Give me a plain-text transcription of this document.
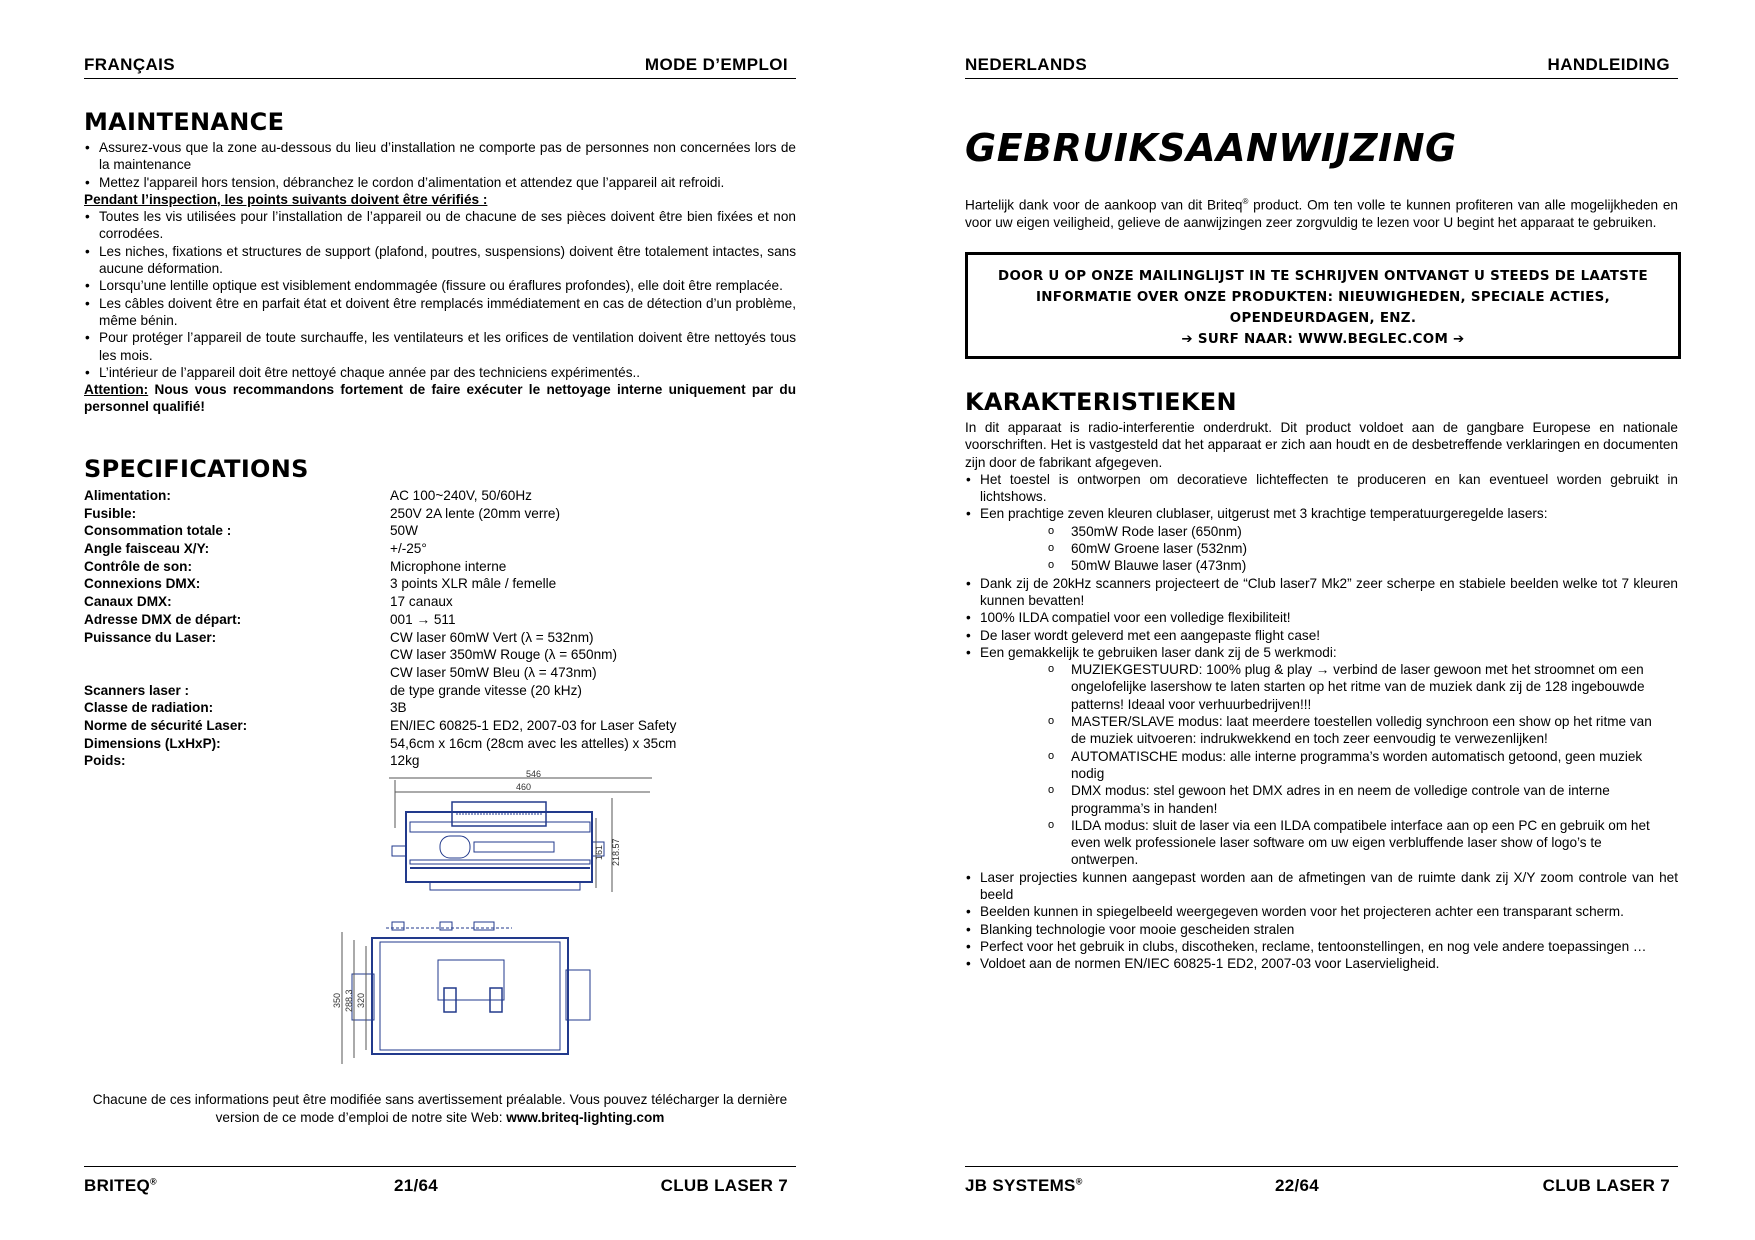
FRANÇAIS	MODE D’EMPLOI
MAINTENANCE
• Assurez-vous que la zone au-dessous du lieu d’installation ne comporte pas de personnes non concernées lors de la maintenance
• Mettez l'appareil hors tension, débranchez le cordon d’alimentation et attendez que l’appareil ait refroidi.

Pendant l’inspection, les points suivants doivent être vérifiés :

• Toutes les vis utilisées pour l’installation de l’appareil ou de chacune de ses pièces doivent être bien fixées et non corrodées.
• Les niches, fixations et structures de support (plafond, poutres, suspensions) doivent être totalement intactes, sans aucune déformation.
• Lorsqu’une lentille optique est visiblement endommagée (fissure ou éraflures profondes), elle doit être remplacée.
• Les câbles doivent être en parfait état et doivent être remplacés immédiatement en cas de détection d’un problème, même bénin.
• Pour protéger l’appareil de toute surchauffe, les ventilateurs et les orifices de ventilation doivent être nettoyés tous les mois.
• L’intérieur de l’appareil doit être nettoyé chaque année par des techniciens expérimentés..

Attention: Nous vous recommandons fortement de faire exécuter le nettoyage interne uniquement par du personnel qualifié!

SPECIFICATIONS
Alimentation:	AC 100~240V, 50/60Hz
Fusible:	250V 2A lente (20mm verre)
Consommation totale :	50W
Angle faisceau X/Y:	+/-25°
Contrôle de son:	Microphone interne
Connexions DMX:	3 points XLR mâle / femelle
Canaux DMX:	17 canaux
Adresse DMX de départ:	001 → 511
Puissance du Laser:	CW laser 60mW Vert (λ = 532nm)
CW laser 350mW Rouge (λ = 650nm)
CW laser 50mW Bleu (λ = 473nm)
Scanners laser :	de type grande vitesse (20 kHz)
Classe de radiation:	3B
Norme de sécurité Laser:	EN/IEC 60825-1 ED2, 2007-03 for Laser Safety
Dimensions (LxHxP):	54,6cm x 16cm (28cm avec les attelles) x 35cm
Poids:	12kg
546
460
161 218.57
350 288.3 320
Chacune de ces informations peut être modifiée sans avertissement préalable. Vous pouvez télécharger la dernière version de ce mode d’emploi de notre site Web: www.briteq-lighting.com
BRITEQ®	21/64	CLUB LASER 7
NEDERLANDS	HANDLEIDING
GEBRUIKSAANWIJZING

Hartelijk dank voor de aankoop van dit Briteq® product. Om ten volle te kunnen profiteren van alle mogelijkheden en voor uw eigen veiligheid, gelieve de aanwijzingen zeer zorgvuldig te lezen voor U begint het apparaat te gebruiken.

DOOR U OP ONZE MAILINGLIJST IN TE SCHRIJVEN ONTVANGT U STEEDS DE LAATSTE INFORMATIE OVER ONZE PRODUKTEN: NIEUWIGHEDEN, SPECIALE ACTIES, OPENDEURDAGEN, ENZ.
➔ SURF NAAR: WWW.BEGLEC.COM ➔
KARAKTERISTIEKEN

In dit apparaat is radio-interferentie onderdrukt. Dit product voldoet aan de gangbare Europese en nationale voorschriften. Het is vastgesteld dat het apparaat er zich aan houdt en de desbetreffende verklaringen en documenten zijn door de fabrikant afgegeven.

• Het toestel is ontworpen om decoratieve lichteffecten te produceren en kan eventueel worden gebruikt in lichtshows.
• Een prachtige zeven kleuren clublaser, uitgerust met 3 krachtige temperatuurgeregelde lasers:
o 350mW Rode laser (650nm)
o 60mW Groene laser (532nm)
o 50mW Blauwe laser (473nm)
• Dank zij de 20kHz scanners projecteert de “Club laser7 Mk2” zeer scherpe en stabiele beelden welke tot 7 kleuren kunnen bevatten!
• 100% ILDA compatiel voor een volledige flexibiliteit!
• De laser wordt geleverd met een aangepaste flight case!
• Een gemakkelijk te gebruiken laser dank zij de 5 werkmodi:
o MUZIEKGESTUURD: 100% plug & play → verbind de laser gewoon met het stroomnet om een ongelofelijke lasershow te laten starten op het ritme van de muziek dank zij de 128 ingebouwde patterns! Ideaal voor verhuurbedrijven!!!
o MASTER/SLAVE modus: laat meerdere toestellen volledig synchroon een show op het ritme van de muziek uitvoeren: indrukwekkend en toch zeer eenvoudig te verwezenlijken!
o AUTOMATISCHE modus: alle interne programma’s worden automatisch getoond, geen muziek nodig
o DMX modus: stel gewoon het DMX adres in en neem de volledige controle van de interne programma’s in handen!
o ILDA modus: sluit de laser via een ILDA compatibele interface aan op een PC en gebruik om het even welk professionele laser software om uw eigen verbluffende laser show of logo’s te ontwerpen.
• Laser projecties kunnen aangepast worden aan de afmetingen van de ruimte dank zij X/Y zoom controle van het beeld
• Beelden kunnen in spiegelbeeld weergegeven worden voor het projecteren achter een transparant scherm.
• Blanking technologie voor mooie gescheiden stralen
• Perfect voor het gebruik in clubs, discotheken, reclame, tentoonstellingen, en nog vele andere toepassingen …
• Voldoet aan de normen EN/IEC 60825-1 ED2, 2007-03 voor Laservieligheid.
JB SYSTEMS®	22/64	CLUB LASER 7
